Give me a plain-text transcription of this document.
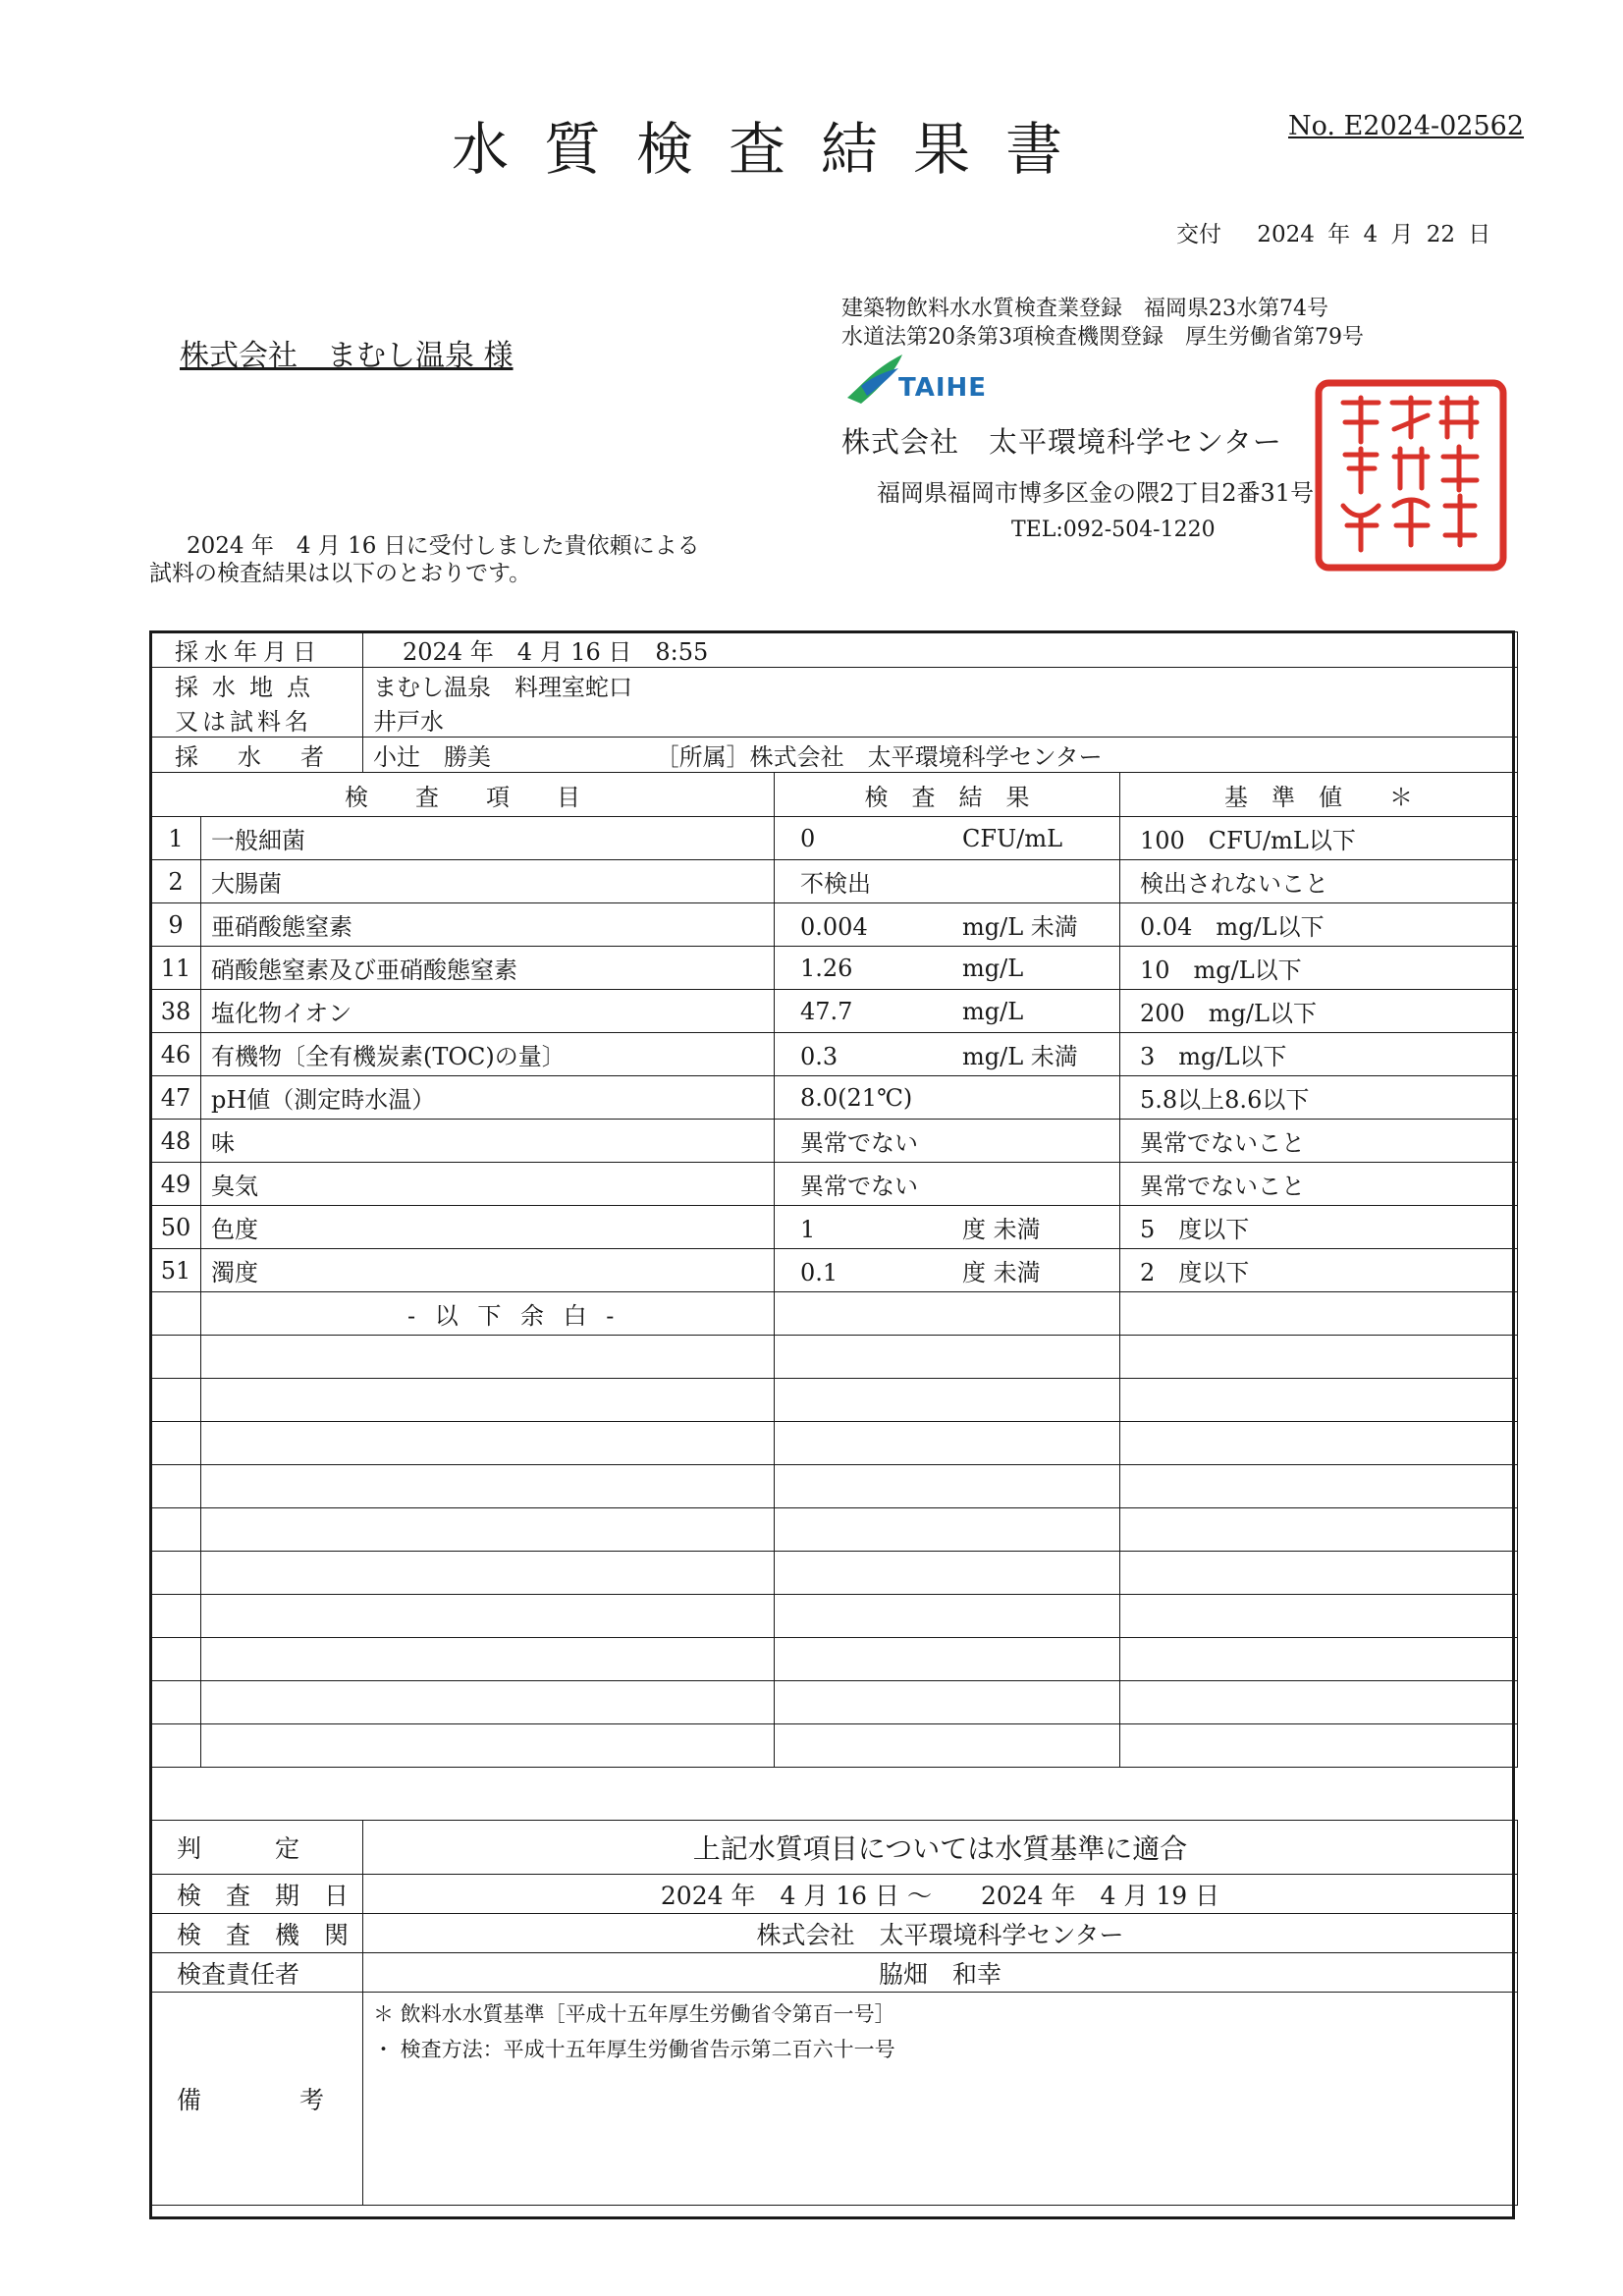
水質検査結果書	No. E2024-02562
交付　 2024 年 4 月 22 日
建築物飲料水水質検査業登録　福岡県23水第74号
水道法第20条第3項検査機関登録　厚生労働省第79号
株式会社　まむし温泉 様
TAIHEI
株式会社　太平環境科学センター
福岡県福岡市博多区金の隈2丁目2番31号
TEL:092-504-1220
2024 年　4 月 16 日に受付しました貴依頼による
試料の検査結果は以下のとおりです。
採水年月日		2024 年　4 月 16 日　8:55		
採水地点		まむし温泉　料理室蛇口		
又は試料名		井戸水		
採　水　者		小辻　勝美 ［所属］株式会社　太平環境科学センター		
検　　査　　項　　目			検　査　結　果	基　準　値　　＊
1	一般細菌		0 CFU/mL	100　CFU/mL以下
2	大腸菌		不検出	検出されないこと
9	亜硝酸態窒素		0.004 mg/L 未満	0.04　mg/L以下
11	硝酸態窒素及び亜硝酸態窒素		1.26 mg/L	10　mg/L以下
38	塩化物イオン		47.7 mg/L	200　mg/L以下
46	有機物〔全有機炭素(TOC)の量〕		0.3 mg/L 未満	3　mg/L以下
47	pH値（測定時水温）		8.0(21℃)	5.8以上8.6以下
48	味		異常でない	異常でないこと
49	臭気		異常でない	異常でないこと
50	色度		1 度 未満	5　度以下
51	濁度		0.1 度 未満	2　度以下
	- 以 下 余 白 -			

判　　　定	上記水質項目については水質基準に適合
検　査　期　日	2024 年　4 月 16 日 ～　　2024 年　4 月 19 日
検　査　機　関	株式会社　太平環境科学センター
検査責任者	脇畑　和幸
備　　　　考	＊ 飲料水水質基準［平成十五年厚生労働省令第百一号］
・ 検査方法：平成十五年厚生労働省告示第二百六十一号
